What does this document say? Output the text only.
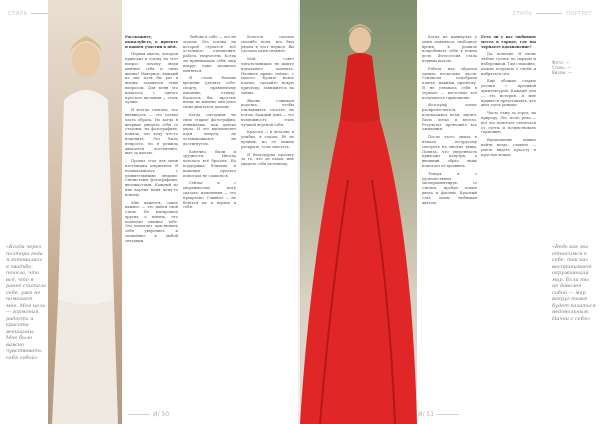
СТИЛЬ
«Когда через полтора года я готовилась к свадьбе, поняла, что всё, что я ранее считала себе, уже не помогает мне. Моя цель — гармония, радость и красота женщины. Мне было важно чувствовать себя собой»

Расскажите, пожалуйста, о проекте и вашем участии в нём.

Первая мысль, которая приходит в голову на этот вопрос: почему люди меняют себя и свою жизнь? Наверное, каждый из нас хотя бы раз в жизни задавался этим вопросом. Для меня это началось с одного простого желания — стать лучше.

Я всегда считала, что внешность — это только часть образа. Но когда я впервые увидела себя со стороны, на фотографиях, поняла, что хочу что-то изменить. Это было непросто, но я решила двигаться постепенно, шаг за шагом.

Проект стал для меня настоящим открытием. Я познакомилась с удивительными людьми: стилистами, фотографами, визажистами. Каждый из них научил меня чему-то новому.

Мне кажется, самое важное — это найти свой стиль. Не копировать других, а понять, что подходит именно тебе. Это помогает чувствовать себя увереннее и спокойнее в любой ситуации.

Любовь к себе — это не эгоизм. Это основа, на которой строится всё остальное: отношения, работа, творчество. Когда ты принимаешь себя, мир вокруг тоже начинает меняться.

Я стала больше времени уделять себе: спорту, правильному питанию, отдыху. Казалось бы, простые вещи, но именно они дают силы двигаться дальше.

Когда смотришь на свои старые фотографии, понимаешь, как далеко ушла. И это вдохновляет идти вперёд, не останавливаясь на достигнутом.

Конечно, были и трудности. Иногда хотелось всё бросить. Но поддержка близких и команды проекта помогала не сдаваться.

Сейчас я с уверенностью могу сказать: изменения — это прекрасно. Главное — не бояться их и верить в себя.

Хочется сказать спасибо всем, кто был рядом в этот период. Вы сделали меня сильнее.

Мой совет читательницам: не ждите идеального момента. Начните прямо сейчас, с малого. Купите новое платье, сделайте новую причёску, запишитесь на танцы.

Жизнь слишком коротка, чтобы откладывать счастье на потом. Каждый день — это возможность стать лучшей версией себя.

Красота — в деталях, в улыбке, в глазах. Её не купишь, но её можно раскрыть, если захотеть.

Я благодарна проекту за то, что он помог мне увидеть себя по-новому.

И/ 50
СТИЛЬ	ПОРТРЕТ

Когда на каникулах у меня появилось свободное время, я решила попробовать себя в новом деле. Фотосессия стала первым шагом.

Работа над образом заняла несколько часов. Стилисты подобрали платье, макияж, причёску. Я не узнавала себя в зеркале — настолько всё получилось гармонично.

Фотограф помог раскрепоститься, подсказывал позы, шутил. Было легко и весело. Результат превзошёл все ожидания.

После этого опыта я начала по-другому смотреть на многие вещи. Поняла, что уверенность приходит изнутри, а внешний образ лишь помогает её проявить.

Теперь я с удовольствием экспериментирую со стилем, пробую новые цвета и фасоны. Красный стал моим любимым цветом.

Есть ли у вас любимые места в городе, где вы черпаете вдохновение?

Да, конечно. Я очень люблю гулять по паркам и набережной. Там спокойно, можно подумать о своём и набраться сил.

Ещё обожаю старые улочки с красивой архитектурой. Каждый дом — это история, и мне нравится представлять, кто жил здесь раньше.

Часто езжу за город, на природу. Лес, поле, река — всё это помогает отвлечься от суеты и почувствовать гармонию.

Вдохновение можно найти везде, главное — уметь видеть красоту в простых вещах.

«Ведь как мы относимся к себе, так нас воспринимает окружающий мир. Если ты не доволен собой — мир вокруг тоже будет казаться недовольным. Начни с себя»
Фото: —
Стиль: —
Визаж: —
И/ 51
